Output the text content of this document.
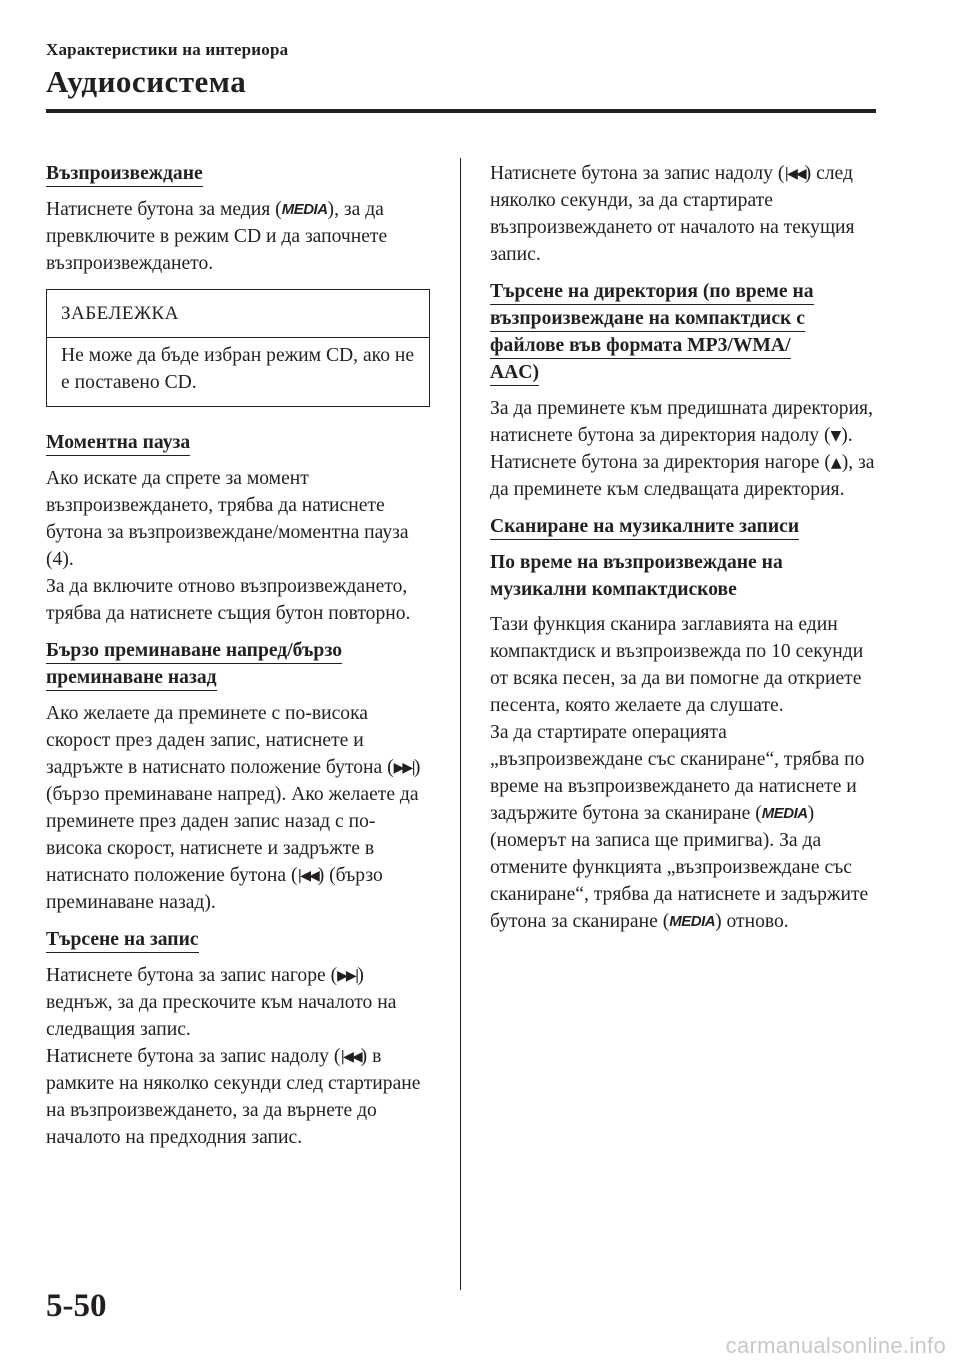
Характеристики на интериора
Аудиосистема
Възпроизвеждане

Натиснете бутона за медия (MEDIA), за да превключите в режим CD и да започнете възпроизвеждането.

ЗАБЕЛЕЖКА
Не може да бъде избран режим CD, ако не е поставено CD.
Моментна пауза

Ако искате да спрете за момент възпроизвеждането, трябва да натиснете бутона за възпроизвеждане/моментна пауза (4).

За да включите отново възпроизвеждането, трябва да натиснете същия бутон повторно.

Бързо преминаване напред/бързо
преминаване назад

Ако желаете да преминете с по-висока скорост през даден запис, натиснете и задръжте в натиснато положение бутона (▶▶|) (бързо преминаване напред). Ако желаете да преминете през даден запис назад с по-висока скорост, натиснете и задръжте в натиснато положение бутона (|◀◀) (бързо преминаване назад).

Търсене на запис

Натиснете бутона за запис нагоре (▶▶|) веднъж, за да прескочите към началото на следващия запис.

Натиснете бутона за запис надолу (|◀◀) в рамките на няколко секунди след стартиране на възпроизвеждането, за да върнете до началото на предходния запис.

Натиснете бутона за запис надолу (|◀◀) след няколко секунди, за да стартирате възпроизвеждането от началото на текущия запис.

Търсене на директория (по време на
възпроизвеждане на компактдиск с
файлове във формата MP3/WMA/
AAC)

За да преминете към предишната директория, натиснете бутона за директория надолу (▼). Натиснете бутона за директория нагоре (▲), за да преминете към следващата директория.

Сканиране на музикалните записи

По време на възпроизвеждане на музикални компактдискове

Тази функция сканира заглавията на един компактдиск и възпроизвежда по 10 секунди от всяка песен, за да ви помогне да откриете песента, която желаете да слушате.

За да стартирате операцията „възпроизвеждане със сканиране“, трябва по време на възпроизвеждането да натиснете и задържите бутона за сканиране (MEDIA) (номерът на записа ще примигва). За да отмените функцията „възпроизвеждане със сканиране“, трябва да натиснете и задържите бутона за сканиране (MEDIA) отново.

5-50
carmanualsonline.info
